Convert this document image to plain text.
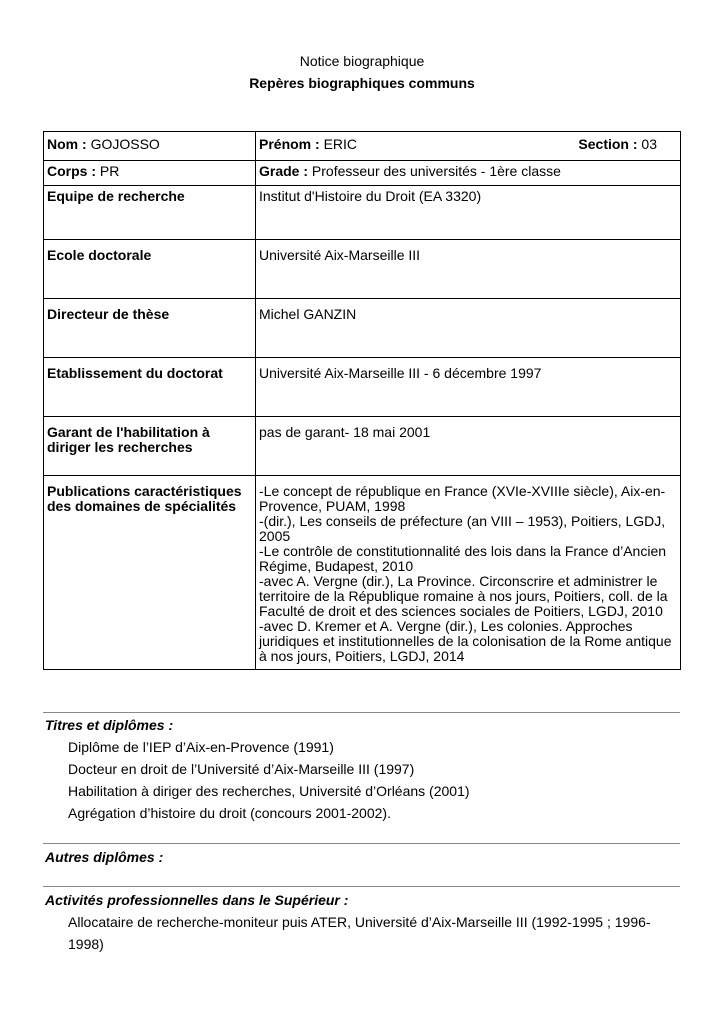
Notice biographique
Repères biographiques communs
Nom : GOJOSSO	Prénom : ERIC Section : 03

Corps : PR	Grade : Professeur des universités - 1ère classe
Equipe de recherche	Institut d'Histoire du Droit (EA 3320)
Ecole doctorale	Université Aix-Marseille III
Directeur de thèse	Michel GANZIN
Etablissement du doctorat	Université Aix-Marseille III - 6 décembre 1997
Garant de l'habilitation à diriger les recherches	pas de garant- 18 mai 2001
Publications caractéristiques des domaines de spécialités	-Le concept de république en France (XVIe-XVIIIe siècle), Aix-en-Provence, PUAM, 1998
-(dir.), Les conseils de préfecture (an VIII – 1953), Poitiers, LGDJ, 2005
-Le contrôle de constitutionnalité des lois dans la France d’Ancien Régime, Budapest, 2010
-avec A. Vergne (dir.), La Province. Circonscrire et administrer le territoire de la République romaine à nos jours, Poitiers, coll. de la Faculté de droit et des sciences sociales de Poitiers, LGDJ, 2010
-avec D. Kremer et A. Vergne (dir.), Les colonies. Approches juridiques et institutionnelles de la colonisation de la Rome antique à nos jours, Poitiers, LGDJ, 2014
Titres et diplômes :
Diplôme de l’IEP d’Aix-en-Provence (1991)
Docteur en droit de l’Université d’Aix-Marseille III (1997)
Habilitation à diriger des recherches, Université d’Orléans (2001)
Agrégation d’histoire du droit (concours 2001-2002).
Autres diplômes :
Activités professionnelles dans le Supérieur :
Allocataire de recherche-moniteur puis ATER, Université d’Aix-Marseille III (1992-1995 ; 1996-1998)
